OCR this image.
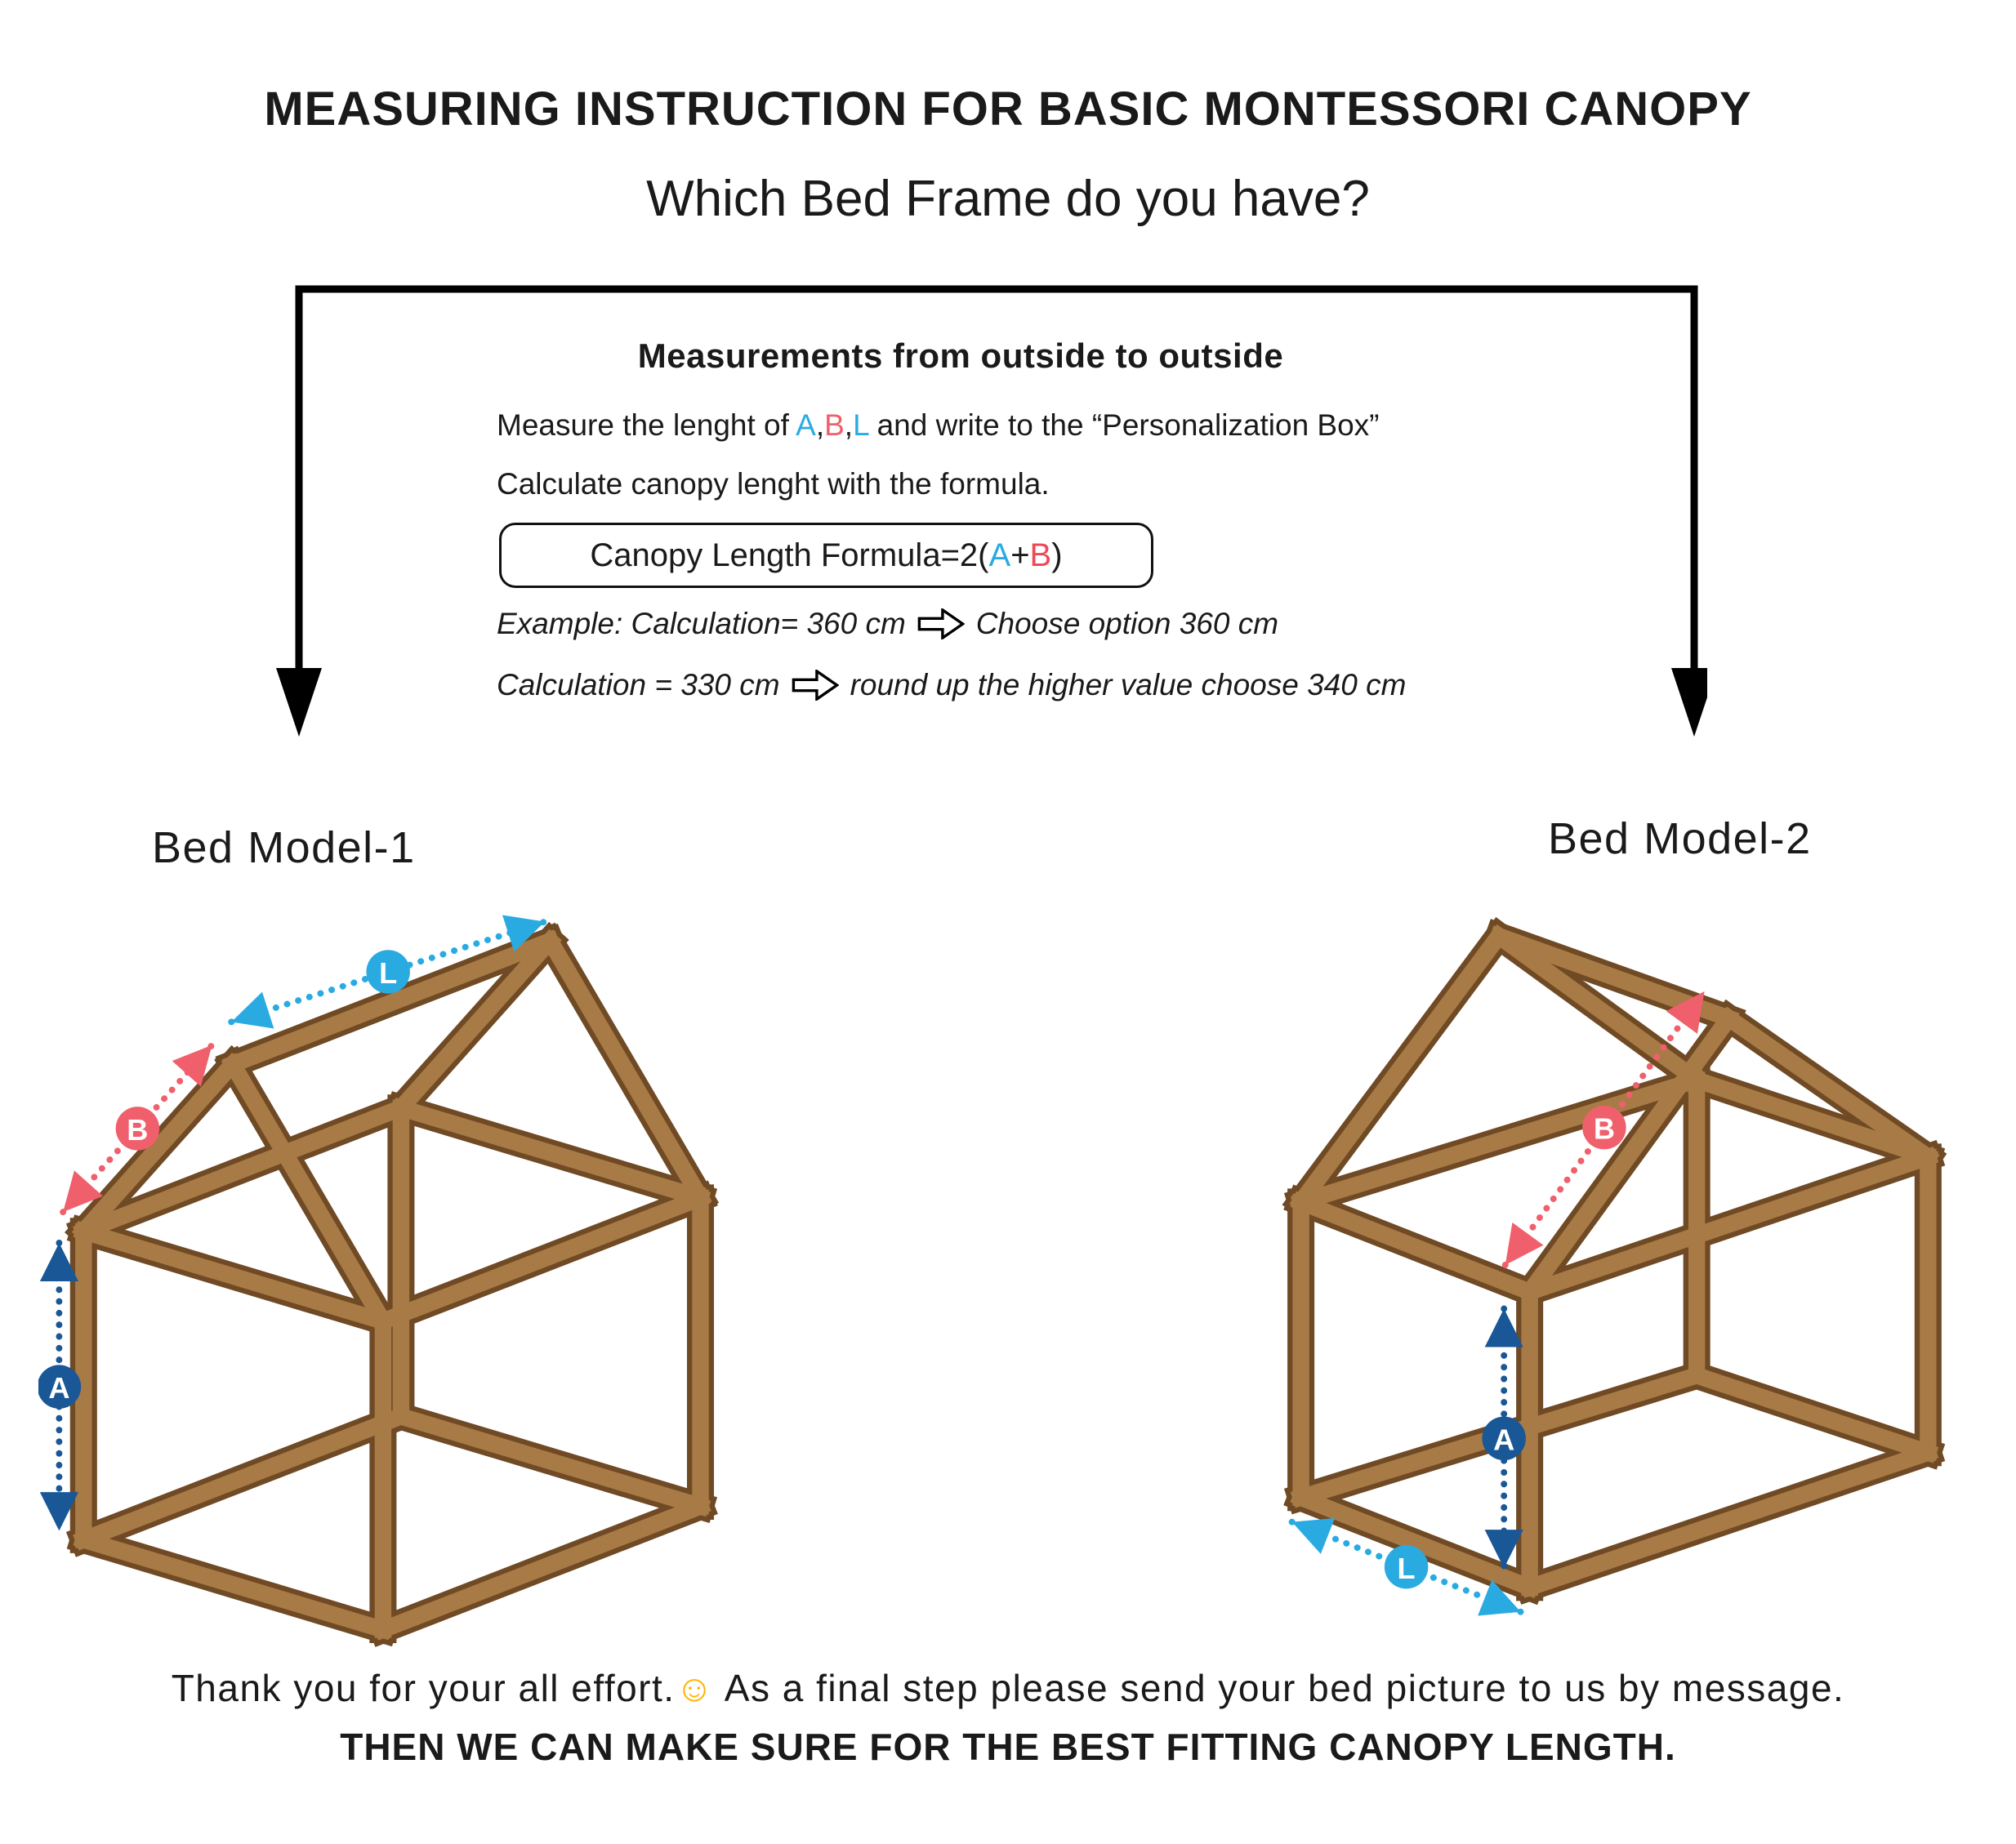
MEASURING INSTRUCTION FOR BASIC MONTESSORI CANOPY
Which Bed Frame do you have?
Measurements from outside to outside
Measure the lenght of A,B,L and write to the “Personalization Box”
Calculate canopy lenght with the formula.
Canopy Length Formula=2( A + B )
Example: Calculation= 360 cm Choose option 360 cm
Calculation = 330 cm round up the higher value choose 340 cm
Bed Model-1	Bed Model-2
L
B
A
B
A
L
Thank you for your all effort.☺ As a final step please send your bed picture to us by message.
THEN WE CAN MAKE SURE FOR THE BEST FITTING CANOPY LENGTH.
